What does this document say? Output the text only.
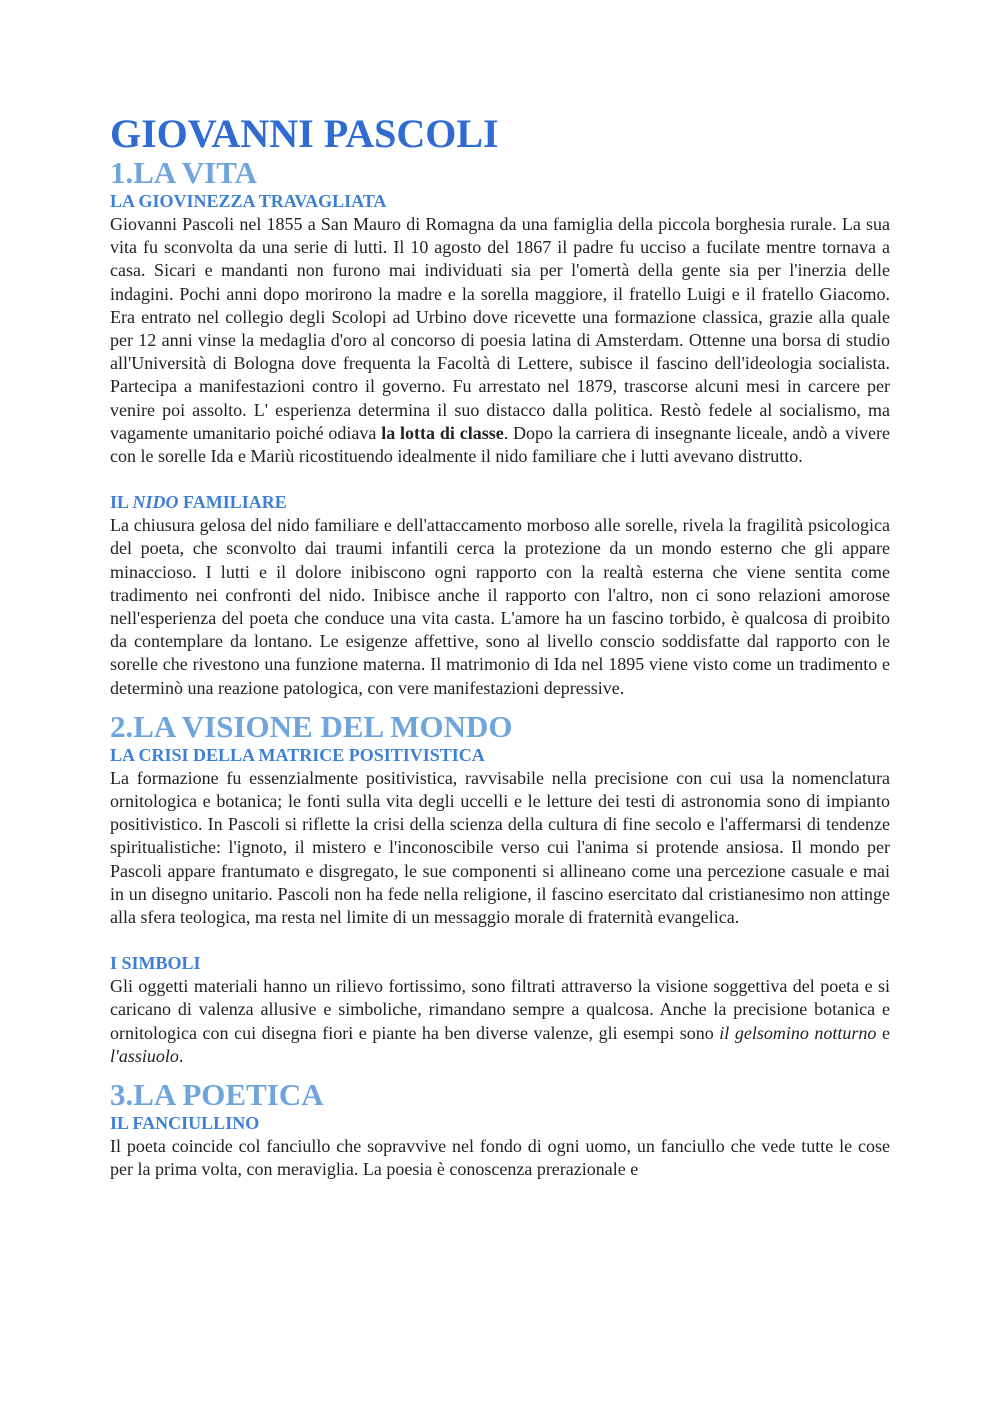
GIOVANNI PASCOLI
1.LA VITA
LA GIOVINEZZA TRAVAGLIATA

Giovanni Pascoli nel 1855 a San Mauro di Romagna da una famiglia della piccola borghesia rurale. La sua vita fu sconvolta da una serie di lutti. Il 10 agosto del 1867 il padre fu ucciso a fucilate mentre tornava a casa. Sicari e mandanti non furono mai individuati sia per l'omertà della gente sia per l'inerzia delle indagini. Pochi anni dopo morirono la madre e la sorella maggiore, il fratello Luigi e il fratello Giacomo. Era entrato nel collegio degli Scolopi ad Urbino dove ricevette una formazione classica, grazie alla quale per 12 anni vinse la medaglia d'oro al concorso di poesia latina di Amsterdam. Ottenne una borsa di studio all'Università di Bologna dove frequenta la Facoltà di Lettere, subisce il fascino dell'ideologia socialista. Partecipa a manifestazioni contro il governo. Fu arrestato nel 1879, trascorse alcuni mesi in carcere per venire poi assolto. L' esperienza determina il suo distacco dalla politica. Restò fedele al socialismo, ma vagamente umanitario poiché odiava la lotta di classe. Dopo la carriera di insegnante liceale, andò a vivere con le sorelle Ida e Mariù ricostituendo idealmente il nido familiare che i lutti avevano distrutto.

IL NIDO FAMILIARE

La chiusura gelosa del nido familiare e dell'attaccamento morboso alle sorelle, rivela la fragilità psicologica del poeta, che sconvolto dai traumi infantili cerca la protezione da un mondo esterno che gli appare minaccioso. I lutti e il dolore inibiscono ogni rapporto con la realtà esterna che viene sentita come tradimento nei confronti del nido. Inibisce anche il rapporto con l'altro, non ci sono relazioni amorose nell'esperienza del poeta che conduce una vita casta. L'amore ha un fascino torbido, è qualcosa di proibito da contemplare da lontano. Le esigenze affettive, sono al livello conscio soddisfatte dal rapporto con le sorelle che rivestono una funzione materna. Il matrimonio di Ida nel 1895 viene visto come un tradimento e determinò una reazione patologica, con vere manifestazioni depressive.

2.LA VISIONE DEL MONDO
LA CRISI DELLA MATRICE POSITIVISTICA

La formazione fu essenzialmente positivistica, ravvisabile nella precisione con cui usa la nomenclatura ornitologica e botanica; le fonti sulla vita degli uccelli e le letture dei testi di astronomia sono di impianto positivistico. In Pascoli si riflette la crisi della scienza della cultura di fine secolo e l'affermarsi di tendenze spiritualistiche: l'ignoto, il mistero e l'inconoscibile verso cui l'anima si protende ansiosa. Il mondo per Pascoli appare frantumato e disgregato, le sue componenti si allineano come una percezione casuale e mai in un disegno unitario. Pascoli non ha fede nella religione, il fascino esercitato dal cristianesimo non attinge alla sfera teologica, ma resta nel limite di un messaggio morale di fraternità evangelica.

I SIMBOLI

Gli oggetti materiali hanno un rilievo fortissimo, sono filtrati attraverso la visione soggettiva del poeta e si caricano di valenza allusive e simboliche, rimandano sempre a qualcosa. Anche la precisione botanica e ornitologica con cui disegna fiori e piante ha ben diverse valenze, gli esempi sono il gelsomino notturno e l'assiuolo.

3.LA POETICA
IL FANCIULLINO

Il poeta coincide col fanciullo che sopravvive nel fondo di ogni uomo, un fanciullo che vede tutte le cose per la prima volta, con meraviglia. La poesia è conoscenza prerazionale e
